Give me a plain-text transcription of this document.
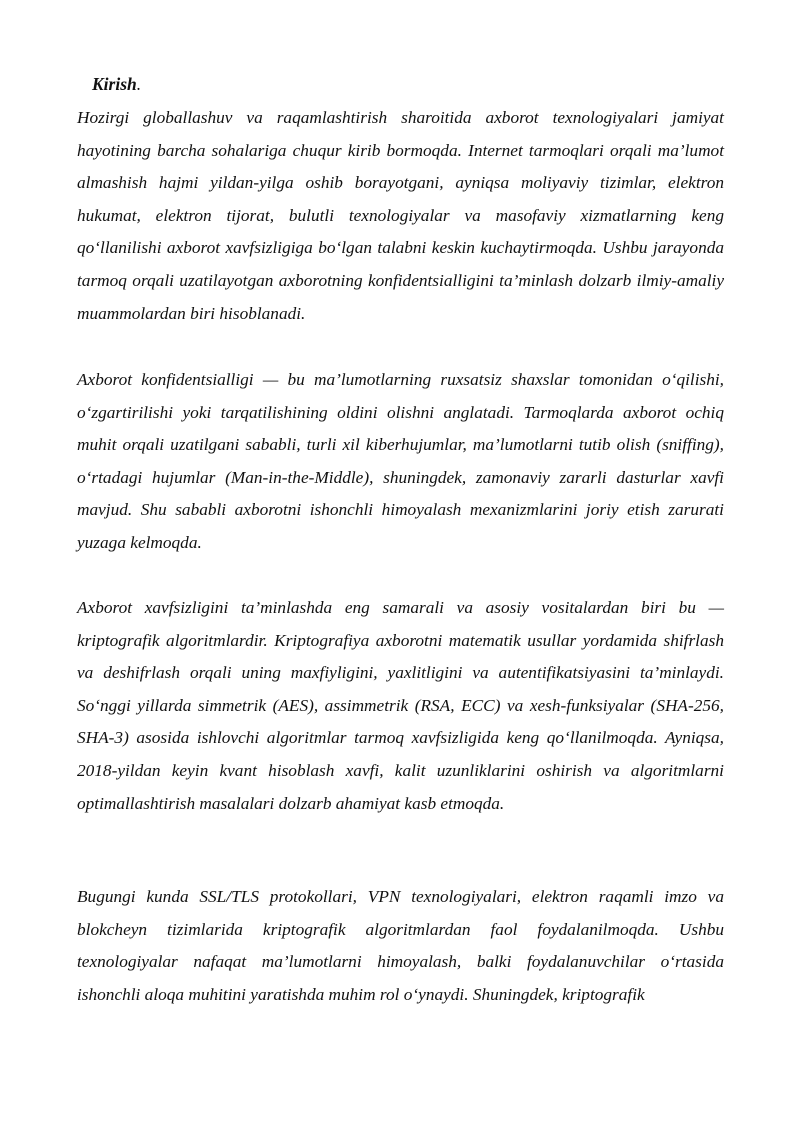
Kirish.

Hozirgi globallashuv va raqamlashtirish sharoitida axborot texnologiyalari jamiyat hayotining barcha sohalariga chuqur kirib bormoqda. Internet tarmoqlari orqali ma’lumot almashish hajmi yildan-yilga oshib borayotgani, ayniqsa moliyaviy tizimlar, elektron hukumat, elektron tijorat, bulutli texnologiyalar va masofaviy xizmatlarning keng qo‘llanilishi axborot xavfsizligiga bo‘lgan talabni keskin kuchaytirmoqda. Ushbu jarayonda tarmoq orqali uzatilayotgan axborotning konfidentsialligini ta’minlash dolzarb ilmiy-amaliy muammolardan biri hisoblanadi.

Axborot konfidentsialligi — bu ma’lumotlarning ruxsatsiz shaxslar tomonidan o‘qilishi, o‘zgartirilishi yoki tarqatilishining oldini olishni anglatadi. Tarmoqlarda axborot ochiq muhit orqali uzatilgani sababli, turli xil kiberhujumlar, ma’lumotlarni tutib olish (sniffing), o‘rtadagi hujumlar (Man-in-the-Middle), shuningdek, zamonaviy zararli dasturlar xavfi mavjud. Shu sababli axborotni ishonchli himoyalash mexanizmlarini joriy etish zarurati yuzaga kelmoqda.

Axborot xavfsizligini ta’minlashda eng samarali va asosiy vositalardan biri bu — kriptografik algoritmlardir. Kriptografiya axborotni matematik usullar yordamida shifrlash va deshifrlash orqali uning maxfiyligini, yaxlitligini va autentifikatsiyasini ta’minlaydi. So‘nggi yillarda simmetrik (AES), assimmetrik (RSA, ECC) va xesh-funksiyalar (SHA-256, SHA-3) asosida ishlovchi algoritmlar tarmoq xavfsizligida keng qo‘llanilmoqda. Ayniqsa, 2018-yildan keyin kvant hisoblash xavfi, kalit uzunliklarini oshirish va algoritmlarni optimallashtirish masalalari dolzarb ahamiyat kasb etmoqda.

Bugungi kunda SSL/TLS protokollari, VPN texnologiyalari, elektron raqamli imzo va blokcheyn tizimlarida kriptografik algoritmlardan faol foydalanilmoqda. Ushbu texnologiyalar nafaqat ma’lumotlarni himoyalash, balki foydalanuvchilar o‘rtasida ishonchli aloqa muhitini yaratishda muhim rol o‘ynaydi. Shuningdek, kriptografik
